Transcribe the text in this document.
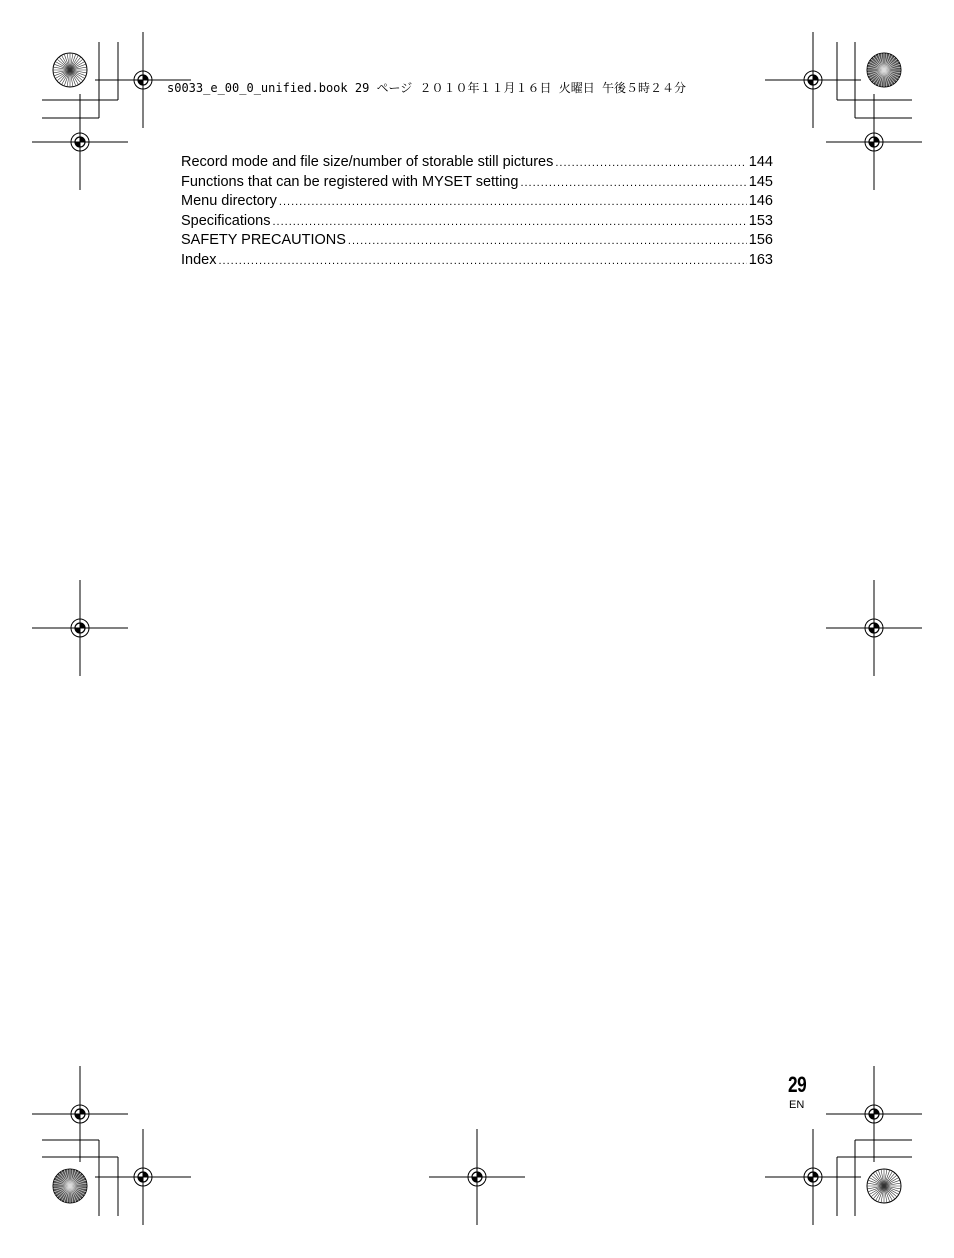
s0033_e_00_0_unified.book 29 ページ ２０１０年１１月１６日 火曜日 午後５時２４分
Record mode and file size/number of storable still pictures .....	144
Functions that can be registered with MYSET setting .....	145
Menu directory .....	146
Specifications .....	153
SAFETY PRECAUTIONS .....	156
Index .....	163
29
EN
